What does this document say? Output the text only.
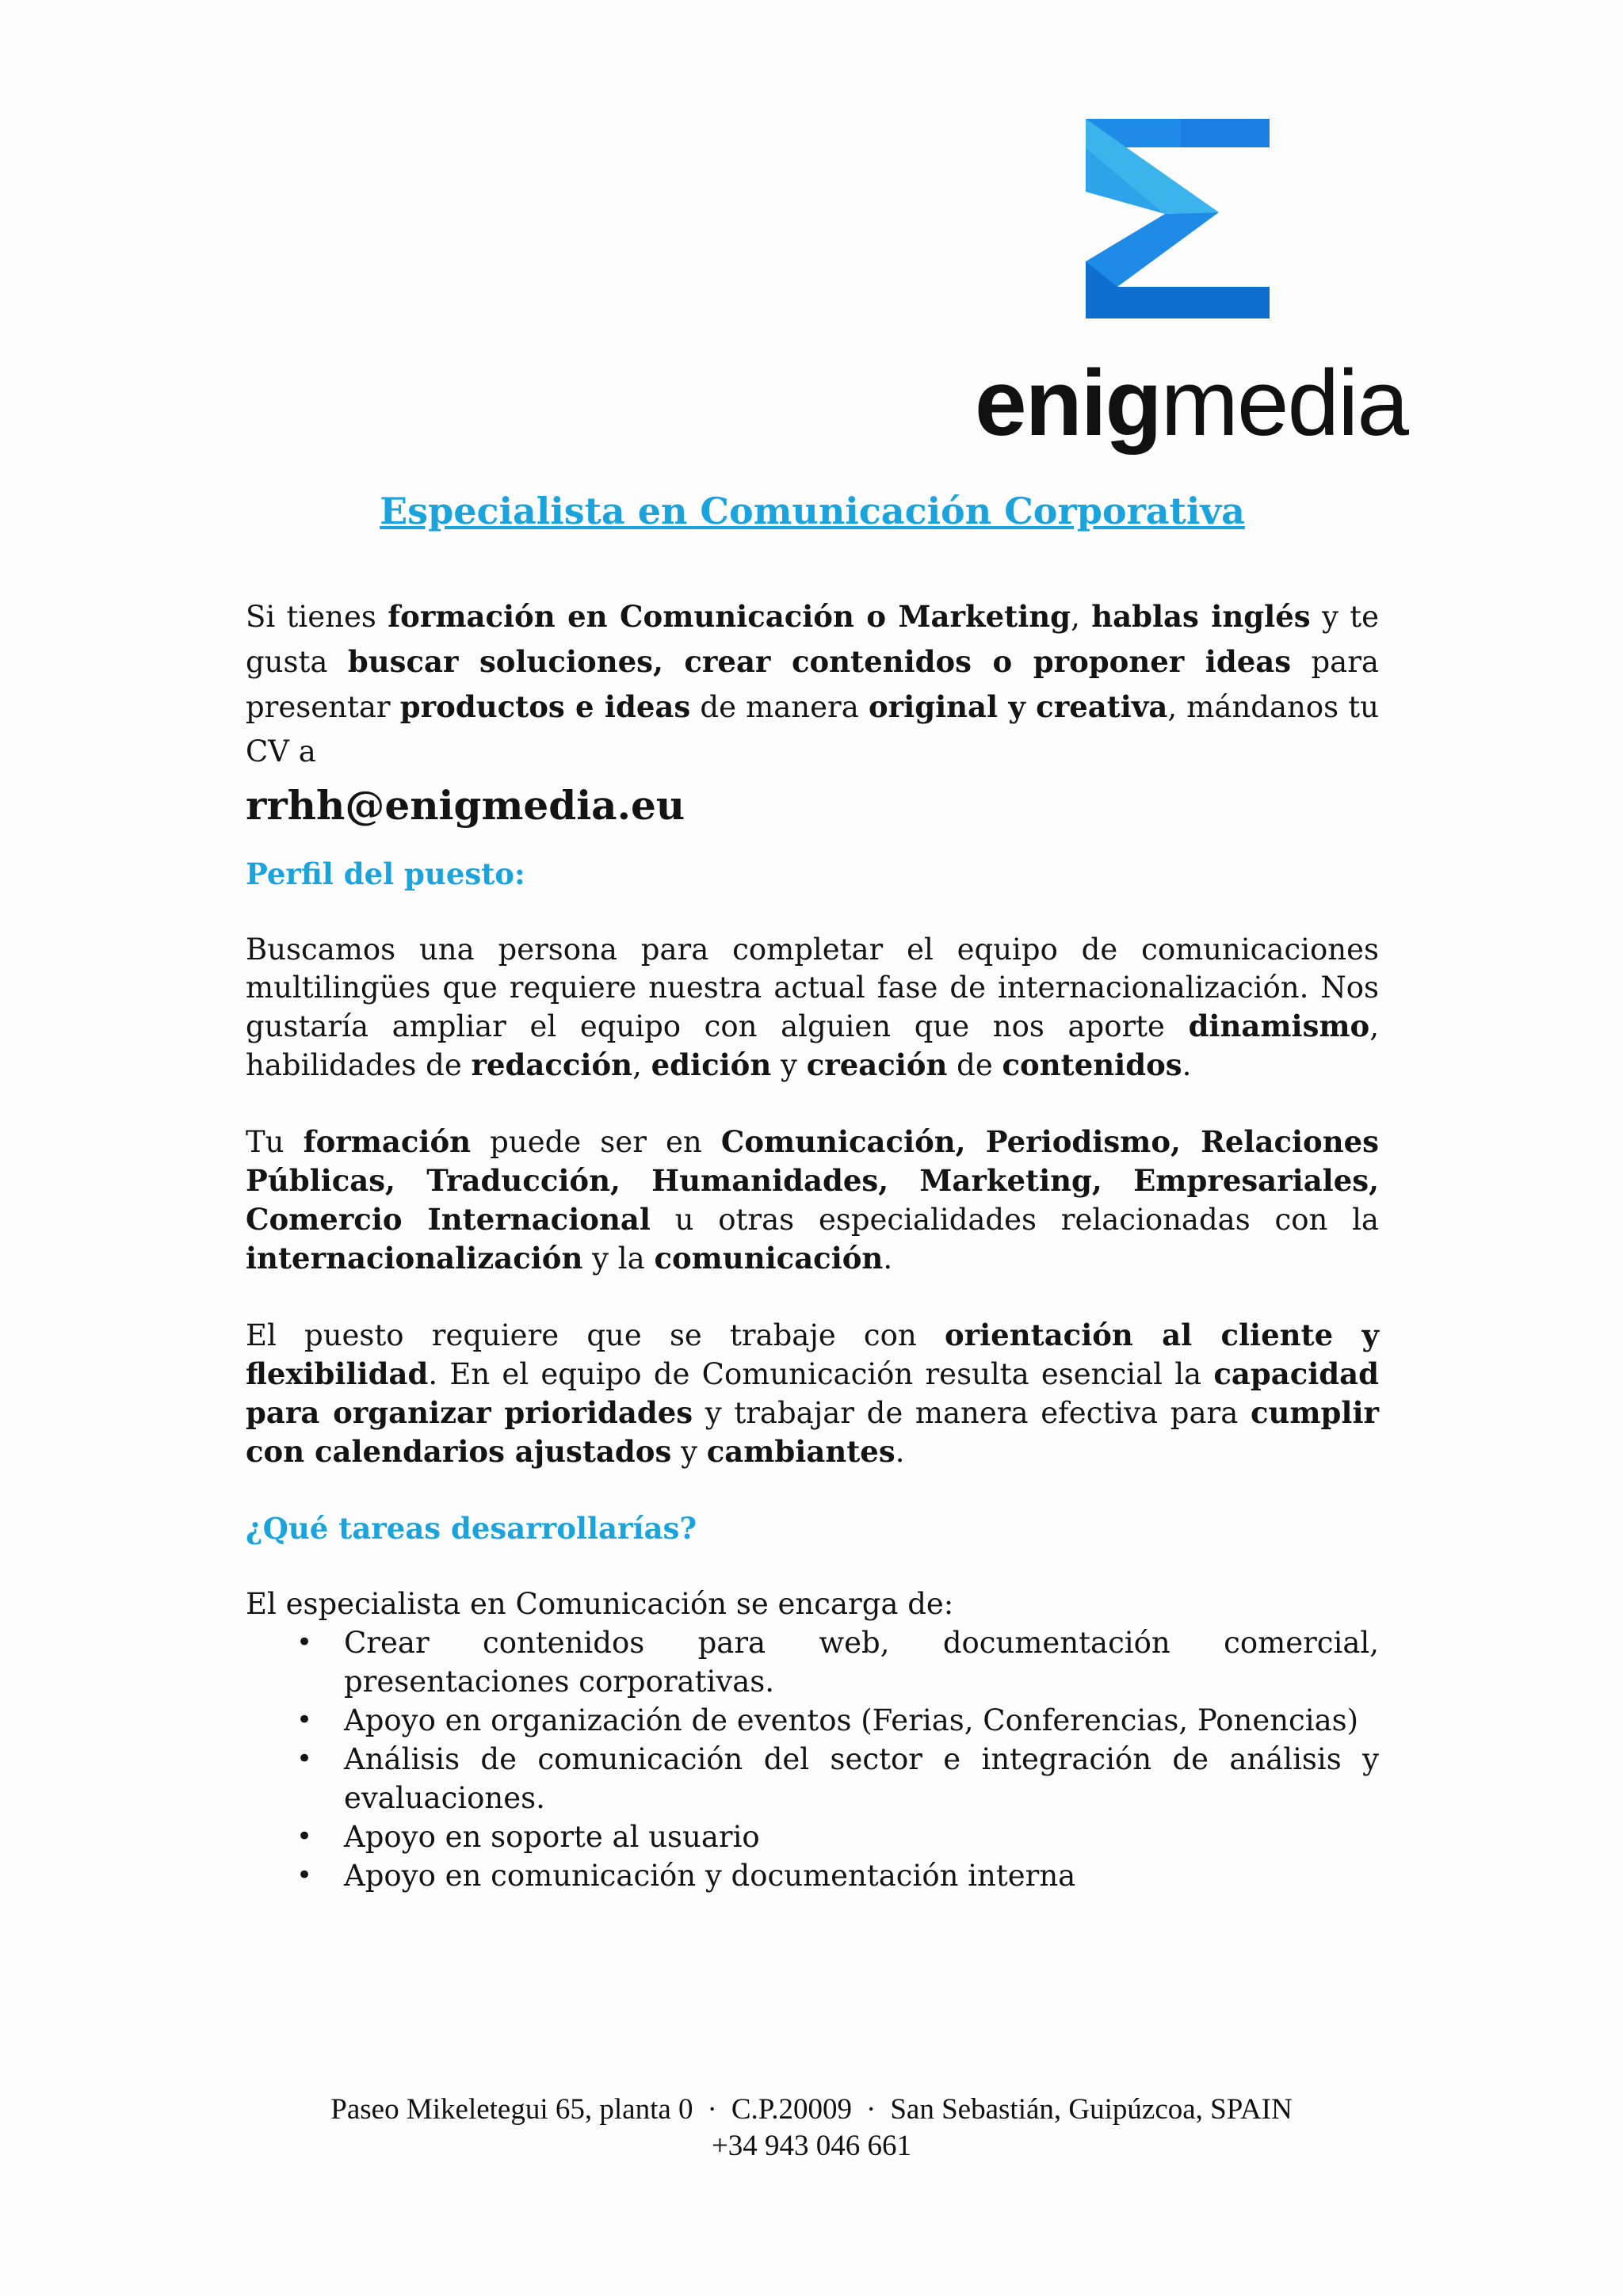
enigmedia
Especialista en Comunicación Corporativa

Si tienes formación en Comunicación o Marketing, hablas inglés y te gusta buscar soluciones, crear contenidos o proponer ideas para presentar productos e ideas de manera original y creativa, mándanos tu CV a
rrhh@enigmedia.eu

Perfil del puesto:

Buscamos una persona para completar el equipo de comunicaciones multilingües que requiere nuestra actual fase de internacionalización. Nos gustaría ampliar el equipo con alguien que nos aporte dinamismo, habilidades de redacción, edición y creación de contenidos.

Tu formación puede ser en Comunicación, Periodismo, Relaciones Públicas, Traducción, Humanidades, Marketing, Empresariales, Comercio Internacional u otras especialidades relacionadas con la internacionalización y la comunicación.

El puesto requiere que se trabaje con orientación al cliente y flexibilidad. En el equipo de Comunicación resulta esencial la capacidad para organizar prioridades y trabajar de manera efectiva para cumplir con calendarios ajustados y cambiantes.

¿Qué tareas desarrollarías?

El especialista en Comunicación se encarga de:

• Crear contenidos para web, documentación comercial, presentaciones corporativas.
• Apoyo en organización de eventos (Ferias, Conferencias, Ponencias)
• Análisis de comunicación del sector e integración de análisis y evaluaciones.
• Apoyo en soporte al usuario
• Apoyo en comunicación y documentación interna
Paseo Mikeletegui 65, planta 0 · C.P.20009 · San Sebastián, Guipúzcoa, SPAIN
+34 943 046 661
